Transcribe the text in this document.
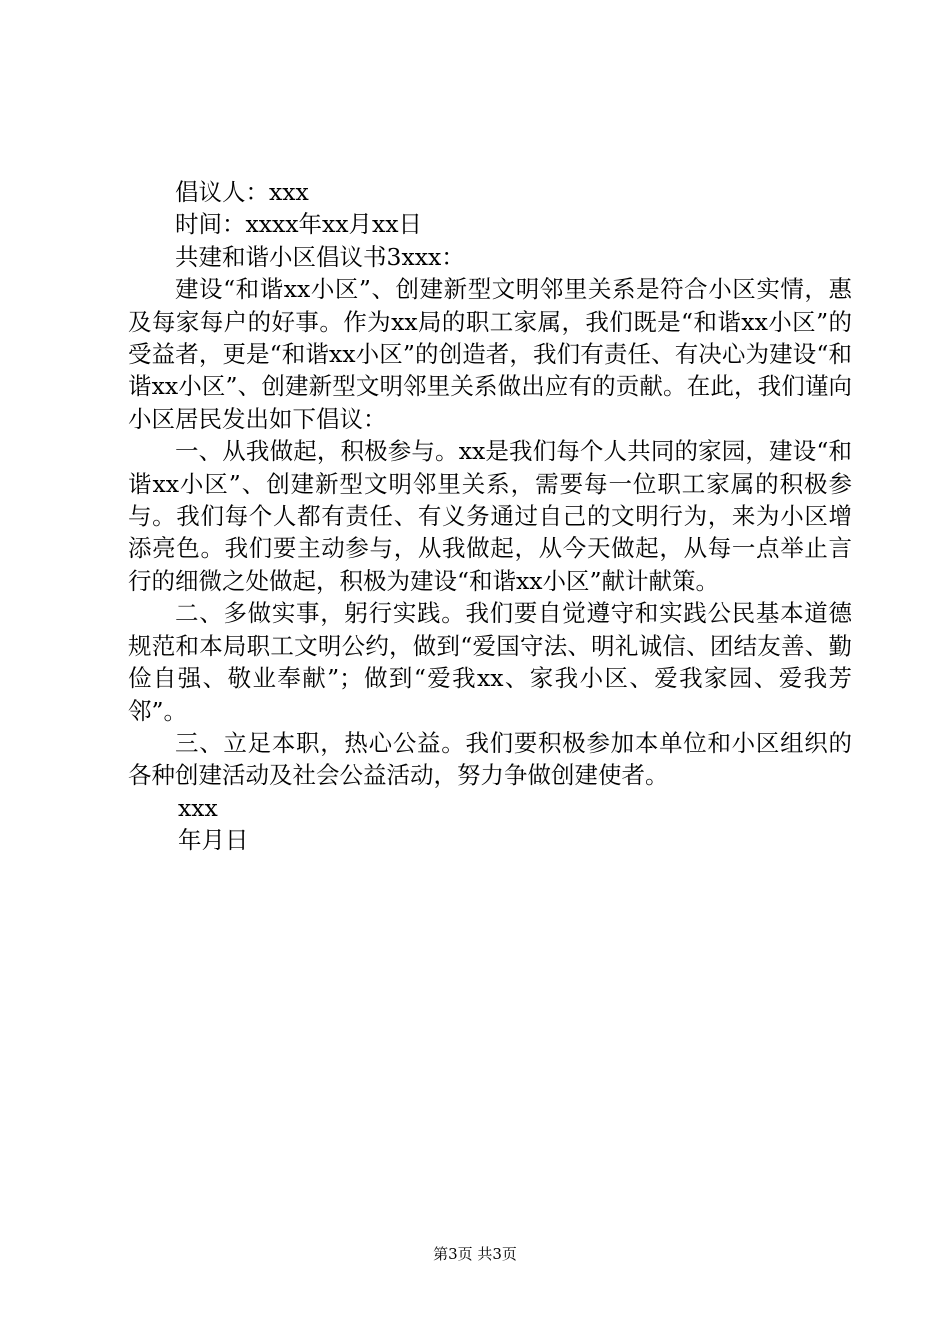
倡议人：xxx

时间：xxxx年xx月xx日

共建和谐小区倡议书3xxx：

建设“和谐xx小区”、创建新型文明邻里关系是符合小区实情，惠及每家每户的好事。作为xx局的职工家属，我们既是“和谐xx小区”的受益者，更是“和谐xx小区”的创造者，我们有责任、有决心为建设“和谐xx小区”、创建新型文明邻里关系做出应有的贡献。在此，我们谨向小区居民发出如下倡议：

一、从我做起，积极参与。xx是我们每个人共同的家园，建设“和谐xx小区”、创建新型文明邻里关系，需要每一位职工家属的积极参与。我们每个人都有责任、有义务通过自己的文明行为，来为小区增添亮色。我们要主动参与，从我做起，从今天做起，从每一点举止言行的细微之处做起，积极为建设“和谐xx小区”献计献策。

二、多做实事，躬行实践。我们要自觉遵守和实践公民基本道德规范和本局职工文明公约，做到“爱国守法、明礼诚信、团结友善、勤俭自强、敬业奉献”；做到“爱我xx、家我小区、爱我家园、爱我芳邻”。

三、立足本职，热心公益。我们要积极参加本单位和小区组织的各种创建活动及社会公益活动，努力争做创建使者。

xxx

年月日

第3页 共3页
